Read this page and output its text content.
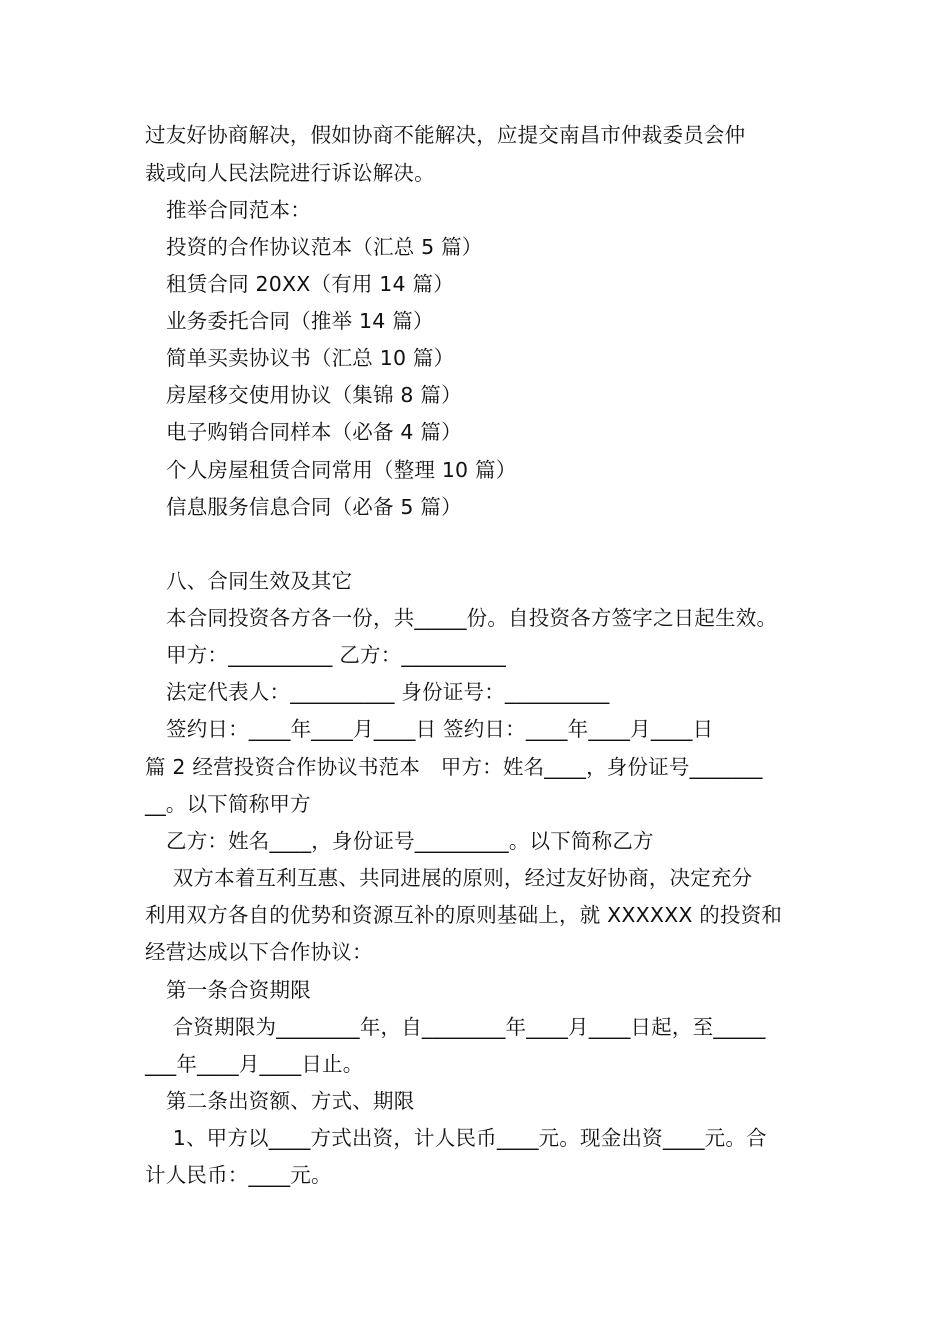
过友好协商解决，假如协商不能解决，应提交南昌市仲裁委员会仲
裁或向人民法院进行诉讼解决。
推举合同范本：
投资的合作协议范本（汇总 5 篇）
租赁合同 20XX（有用 14 篇）
业务委托合同（推举 14 篇）
简单买卖协议书（汇总 10 篇）
房屋移交使用协议（集锦 8 篇）
电子购销合同样本（必备 4 篇）
个人房屋租赁合同常用（整理 10 篇）
信息服务信息合同（必备 5 篇）
八、合同生效及其它
本合同投资各方各一份，共_____份。自投资各方签字之日起生效。
甲方：__________ 乙方：__________
法定代表人：__________ 身份证号：__________
签约日：____年____月____日 签约日：____年____月____日
篇 2 经营投资合作协议书范本　甲方：姓名____，身份证号_______
__。以下简称甲方
乙方：姓名____，身份证号_________。以下简称乙方
双方本着互利互惠、共同进展的原则，经过友好协商，决定充分
利用双方各自的优势和资源互补的原则基础上，就 XXXXXX 的投资和
经营达成以下合作协议：
第一条合资期限
合资期限为________年，自________年____月____日起，至_____
___年____月____日止。
第二条出资额、方式、期限
1、甲方以____方式出资，计人民币____元。现金出资____元。合
计人民币：____元。
